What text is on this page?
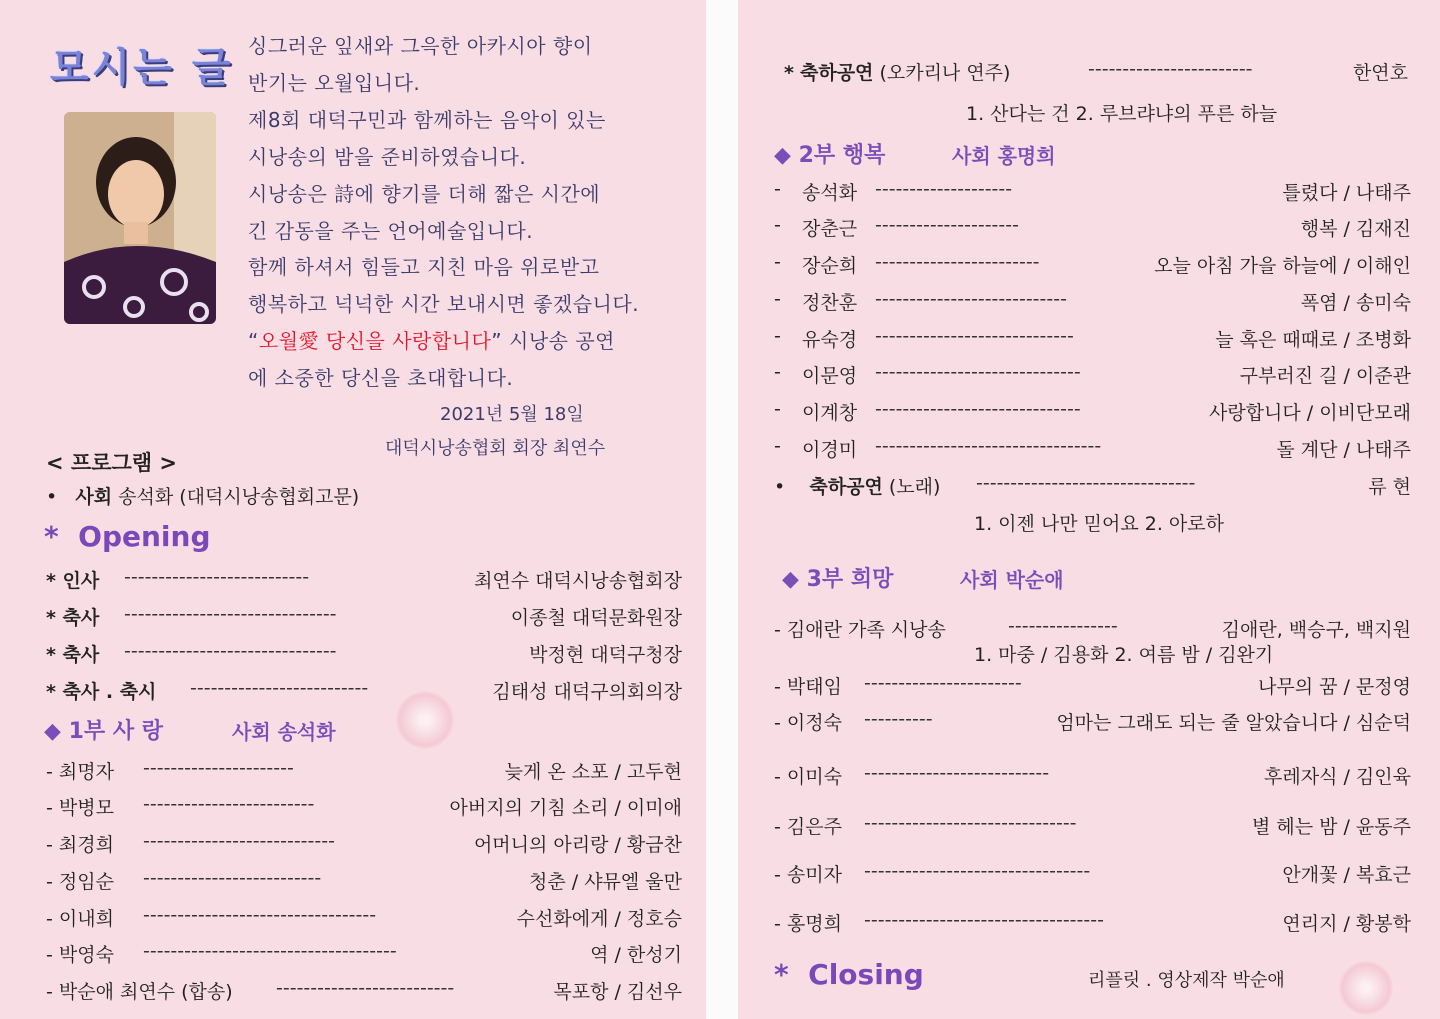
모시는 글 싱그러운 잎새와 그윽한 아카시아 향이
반기는 오월입니다.
제8회 대덕구민과 함께하는 음악이 있는
시낭송의 밤을 준비하였습니다.
시낭송은 詩에 향기를 더해 짧은 시간에
긴 감동을 주는 언어예술입니다.
함께 하셔서 힘들고 지친 마음 위로받고
행복하고 넉넉한 시간 보내시면 좋겠습니다.
“오월愛 당신을 사랑합니다” 시낭송 공연
에 소중한 당신을 초대합니다.
2021년 5월 18일
대덕시낭송협회 회장 최연수
< 프로그램 >
• 사회 송석화 (대덕시낭송협회고문)
* Opening
* 인사 ---------------------------	최연수 대덕시낭송협회장
* 축사 -------------------------------	이종철 대덕문화원장
* 축사 -------------------------------	박정현 대덕구청장
* 축사 . 축시 --------------------------	김태성 대덕구의회의장
◆ 1부 사 랑	사회 송석화
- 최명자 ----------------------	늦게 온 소포 / 고두현
- 박병모 -------------------------	아버지의 기침 소리 / 이미애
- 최경희 ----------------------------	어머니의 아리랑 / 황금찬
- 정임순 --------------------------	청춘 / 샤뮤엘 울만
- 이내희 ----------------------------------	수선화에게 / 정호승
- 박영숙 -------------------------------------	역 / 한성기
- 박순애 최연수 (합송) --------------------------	목포항 / 김선우
* 축하공연 (오카리나 연주)	------------------------	한연호
1. 산다는 건 2. 루브랴냐의 푸른 하늘
◆ 2부 행복	사회 홍명희
- 송석화 --------------------	틀렸다 / 나태주
- 장춘근 ---------------------	행복 / 김재진
- 장순희 ------------------------	오늘 아침 가을 하늘에 / 이해인
- 정찬훈 ----------------------------	폭염 / 송미숙
- 유숙경 -----------------------------	늘 혹은 때때로 / 조병화
- 이문영 ------------------------------	구부러진 길 / 이준관
- 이계창 ------------------------------	사랑합니다 / 이비단모래
- 이경미 ---------------------------------	돌 계단 / 나태주
• 축하공연 (노래) --------------------------------	류 현
1. 이젠 나만 믿어요 2. 아로하
◆ 3부 희망	사회 박순애
- 김애란 가족 시낭송	----------------	김애란, 백승구, 백지원
1. 마중 / 김용화 2. 여름 밤 / 김완기
- 박태임 -----------------------	나무의 꿈 / 문정영
- 이정숙 ----------	엄마는 그래도 되는 줄 알았습니다 / 심순덕
- 이미숙 ---------------------------	후레자식 / 김인육
- 김은주 -------------------------------	별 헤는 밤 / 윤동주
- 송미자 ---------------------------------	안개꽃 / 복효근
- 홍명희 -----------------------------------	연리지 / 황봉학
* Closing	리플릿 . 영상제작 박순애
